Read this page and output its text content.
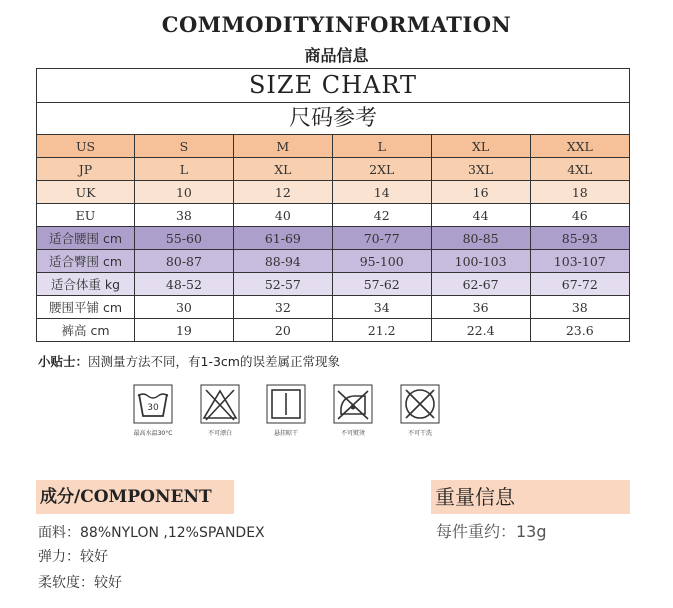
COMMODITYINFORMATION
商品信息
SIZE CHART
尺码参考
US	S	M	L	XL	XXL
JP	L	XL	2XL	3XL	4XL
UK	10	12	14	16	18
EU	38	40	42	44	46
适合腰围 cm	55-60	61-69	70-77	80-85	85-93
适合臀围 cm	80-87	88-94	95-100	100-103	103-107
适合体重 kg	48-52	52-57	57-62	62-67	67-72
腰围平铺 cm	30	32	34	36	38
裤高 cm	19	20	21.2	22.4	23.6
小贴士：因测量方法不同，有1-3cm的误差属正常现象
30
最高水温30°C	不可漂白	悬挂晾干	不可熨烫	不可干洗
成分/COMPONENT
面料：88%NYLON ,12%SPANDEX
弹力：较好
柔软度：较好
重量信息
每件重约：13g
